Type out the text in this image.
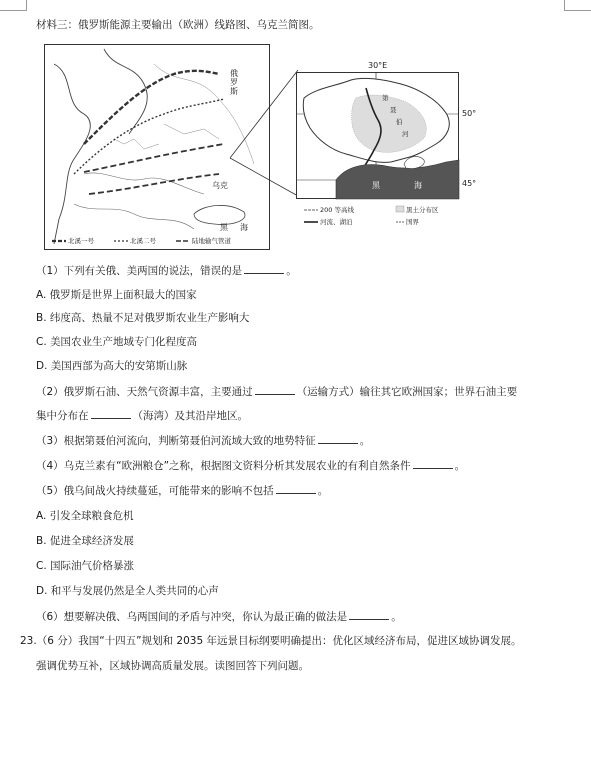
材料三：俄罗斯能源主要输出（欧洲）线路图、乌克兰简图。
俄罗斯
乌克
黑 海
北溪一号	北溪二号	陆地输气管道
30°E
第
聂
伯
河
黑	海
50°
45°
200 等高线	黑土分布区
河流、湖泊	国界
（1）下列有关俄、美两国的说法，错误的是	。
A. 俄罗斯是世界上面积最大的国家
B. 纬度高、热量不足对俄罗斯农业生产影响大
C. 美国农业生产地域专门化程度高
D. 美国西部为高大的安第斯山脉
（2）俄罗斯石油、天然气资源丰富，主要通过	（运输方式）输往其它欧洲国家；世界石油主要
集中分布在	（海湾）及其沿岸地区。
（3）根据第聂伯河流向，判断第聂伯河流域大致的地势特征	。
（4）乌克兰素有“欧洲粮仓”之称，根据图文资料分析其发展农业的有利自然条件	。
（5）俄乌间战火持续蔓延，可能带来的影响不包括	。
A. 引发全球粮食危机
B. 促进全球经济发展
C. 国际油气价格暴涨
D. 和平与发展仍然是全人类共同的心声
（6）想要解决俄、乌两国间的矛盾与冲突，你认为最正确的做法是	。
23.（6 分）我国“十四五”规划和 2035 年远景目标纲要明确提出：优化区域经济布局，促进区域协调发展。
强调优势互补，区域协调高质量发展。读图回答下列问题。
